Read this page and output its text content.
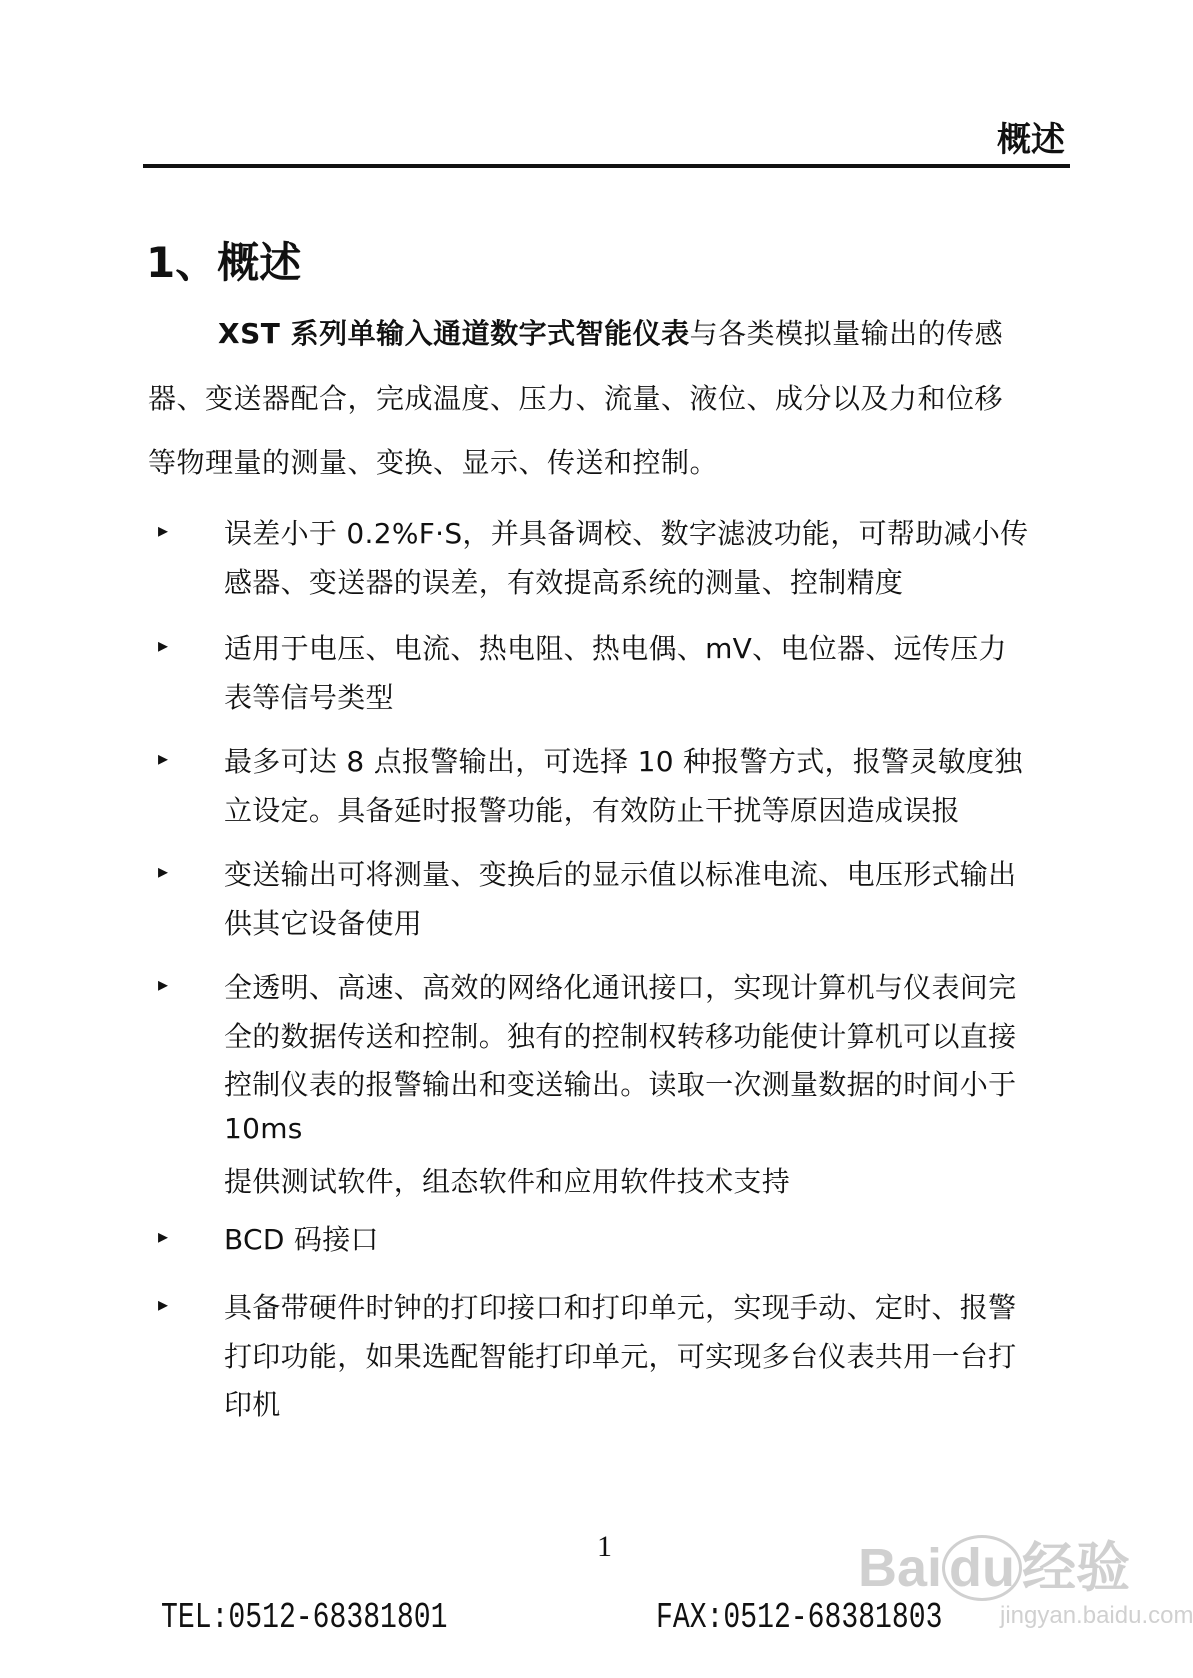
概述
1、概述
XST 系列单输入通道数字式智能仪表与各类模拟量输出的传感
器、变送器配合，完成温度、压力、流量、液位、成分以及力和位移
等物理量的测量、变换、显示、传送和控制。
▸ 误差小于 0.2%F·S，并具备调校、数字滤波功能，可帮助减小传
感器、变送器的误差，有效提高系统的测量、控制精度
▸ 适用于电压、电流、热电阻、热电偶、mV、电位器、远传压力
表等信号类型
▸ 最多可达 8 点报警输出，可选择 10 种报警方式，报警灵敏度独
立设定。具备延时报警功能，有效防止干扰等原因造成误报
▸ 变送输出可将测量、变换后的显示值以标准电流、电压形式输出
供其它设备使用
▸ 全透明、高速、高效的网络化通讯接口，实现计算机与仪表间完
全的数据传送和控制。独有的控制权转移功能使计算机可以直接
控制仪表的报警输出和变送输出。读取一次测量数据的时间小于
10ms
提供测试软件，组态软件和应用软件技术支持
▸ BCD 码接口
▸ 具备带硬件时钟的打印接口和打印单元，实现手动、定时、报警
打印功能，如果选配智能打印单元，可实现多台仪表共用一台打
印机
1
TEL:0512-68381801	FAX:0512-68381803
Bai du 经验
jingyan.baidu.com
